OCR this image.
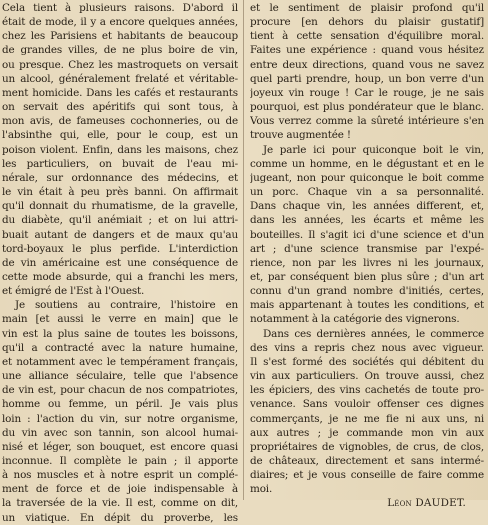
Cela tient à plusieurs raisons. D'abord il
était de mode, il y a encore quelques années,
chez les Parisiens et habitants de beaucoup
de grandes villes, de ne plus boire de vin,
ou presque. Chez les mastroquets on versait
un alcool, généralement frelaté et véritable-
ment homicide. Dans les cafés et restaurants
on servait des apéritifs qui sont tous, à
mon avis, de fameuses cochonneries, ou de
l'absinthe qui, elle, pour le coup, est un
poison violent. Enfin, dans les maisons, chez
les particuliers, on buvait de l'eau mi-
nérale, sur ordonnance des médecins, et
le vin était à peu près banni. On affirmait
qu'il donnait du rhumatisme, de la gravelle,
du diabète, qu'il anémiait ; et on lui attri-
buait autant de dangers et de maux qu'au
tord-boyaux le plus perfide. L'interdiction
de vin américaine est une conséquence de
cette mode absurde, qui a franchi les mers,
et émigré de l'Est à l'Ouest.
Je soutiens au contraire, l'histoire en
main [et aussi le verre en main] que le
vin est la plus saine de toutes les boissons,
qu'il a contracté avec la nature humaine,
et notamment avec le tempérament français,
une alliance séculaire, telle que l'absence
de vin est, pour chacun de nos compatriotes,
homme ou femme, un péril. Je vais plus
loin : l'action du vin, sur notre organisme,
du vin avec son tannin, son alcool humai-
nisé et léger, son bouquet, est encore quasi
inconnue. Il complète le pain ; il apporte
à nos muscles et à notre esprit un complé-
ment de force et de joie indispensable à
la traversée de la vie. Il est, comme on dit,
un viatique. En dépit du proverbe, les
et le sentiment de plaisir profond qu'il
procure [en dehors du plaisir gustatif]
tient à cette sensation d'équilibre moral.
Faites une expérience : quand vous hésitez
entre deux directions, quand vous ne savez
quel parti prendre, houp, un bon verre d'un
joyeux vin rouge ! Car le rouge, je ne sais
pourquoi, est plus pondérateur que le blanc.
Vous verrez comme la sûreté intérieure s'en
trouve augmentée !
Je parle ici pour quiconque boit le vin,
comme un homme, en le dégustant et en le
jugeant, non pour quiconque le boit comme
un porc. Chaque vin a sa personnalité.
Dans chaque vin, les années different, et,
dans les années, les écarts et même les
bouteilles. Il s'agit ici d'une science et d'un
art ; d'une science transmise par l'expé-
rience, non par les livres ni les journaux,
et, par conséquent bien plus sûre ; d'un art
connu d'un grand nombre d'initiés, certes,
mais appartenant à toutes les conditions, et
notamment à la catégorie des vignerons.
Dans ces dernières années, le commerce
des vins a repris chez nous avec vigueur.
Il s'est formé des sociétés qui débitent du
vin aux particuliers. On trouve aussi, chez
les épiciers, des vins cachetés de toute pro-
venance. Sans vouloir offenser ces dignes
commerçants, je ne me fie ni aux uns, ni
aux autres ; je commande mon vin aux
propriétaires de vignobles, de crus, de clos,
de châteaux, directement et sans intermé-
diaires; et je vous conseille de faire comme
moi.
Léon DAUDET.
